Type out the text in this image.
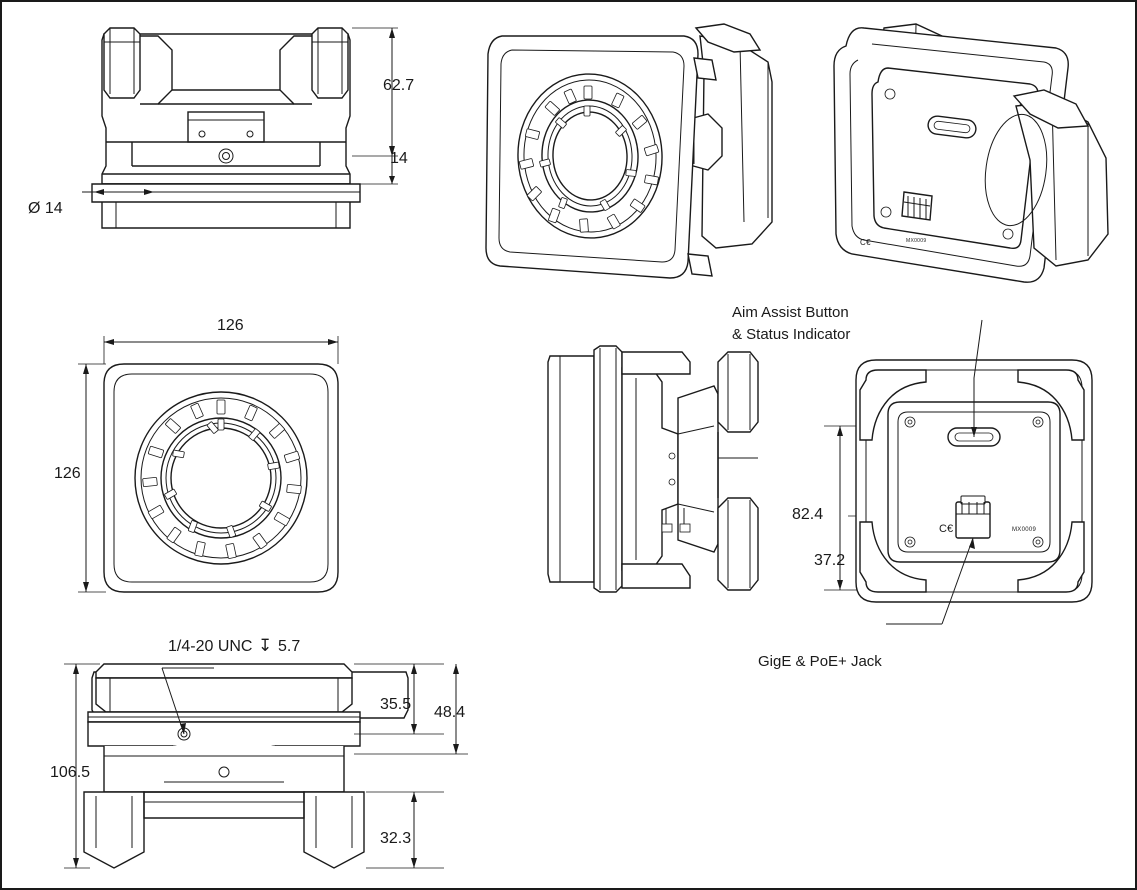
62.7
14
Ø 14
126
126
35.5 48.4
106.5
32.3
1/4-20 UNC ↧ 5.7
MX0009
C€
82.4
37.2
MX0009
C€
Aim Assist Button
& Status Indicator
GigE & PoE+ Jack
